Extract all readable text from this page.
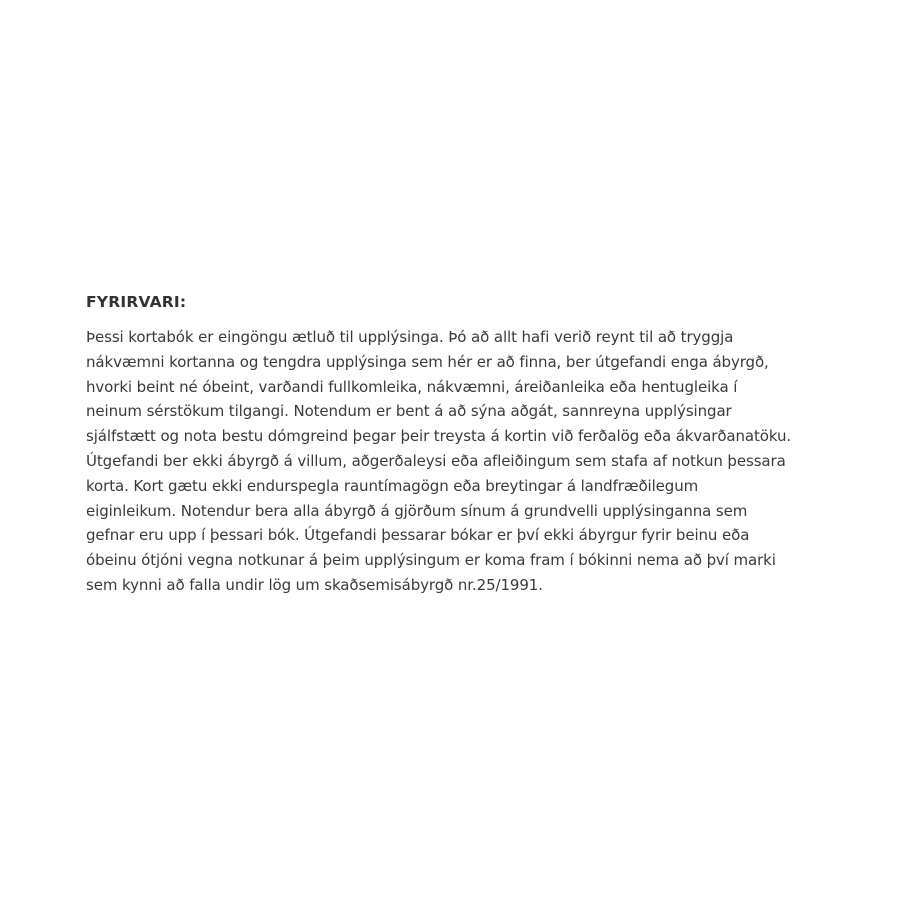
FYRIRVARI:

Þessi kortabók er eingöngu ætluð til upplýsinga. Þó að allt hafi verið reynt til að tryggja
nákvæmni kortanna og tengdra upplýsinga sem hér er að finna, ber útgefandi enga ábyrgð,
hvorki beint né óbeint, varðandi fullkomleika, nákvæmni, áreiðanleika eða hentugleika í
neinum sérstökum tilgangi. Notendum er bent á að sýna aðgát, sannreyna upplýsingar
sjálfstætt og nota bestu dómgreind þegar þeir treysta á kortin við ferðalög eða ákvarðanatöku.
Útgefandi ber ekki ábyrgð á villum, aðgerðaleysi eða afleiðingum sem stafa af notkun þessara
korta. Kort gætu ekki endurspegla rauntímagögn eða breytingar á landfræðilegum
eiginleikum. Notendur bera alla ábyrgð á gjörðum sínum á grundvelli upplýsinganna sem
gefnar eru upp í þessari bók. Útgefandi þessarar bókar er því ekki ábyrgur fyrir beinu eða
óbeinu ótjóni vegna notkunar á þeim upplýsingum er koma fram í bókinni nema að því marki
sem kynni að falla undir lög um skaðsemisábyrgð nr.25/1991.
